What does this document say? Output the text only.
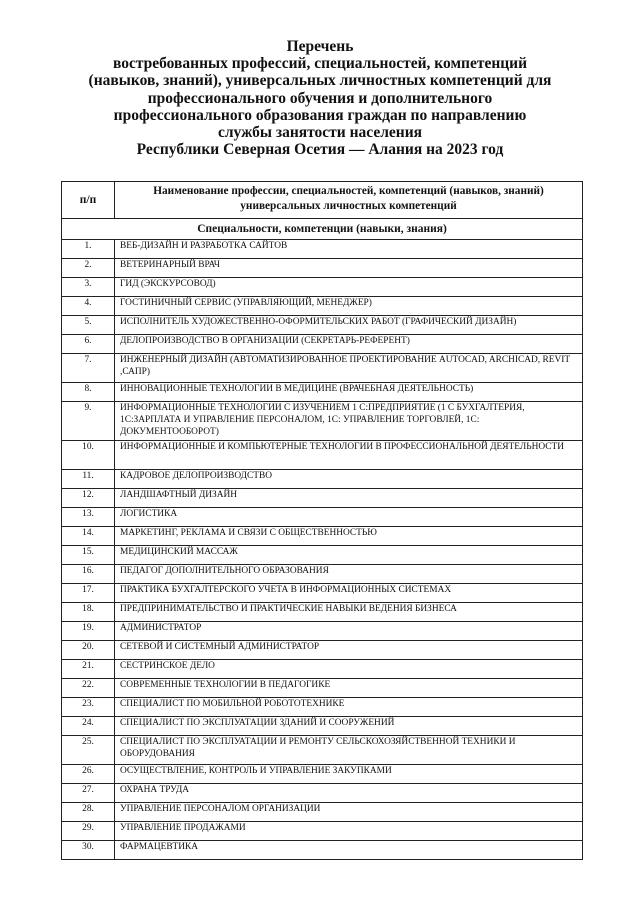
Перечень
востребованных профессий, специальностей, компетенций
(навыков, знаний), универсальных личностных компетенций для
профессионального обучения и дополнительного
профессионального образования граждан по направлению
службы занятости населения
Республики Северная Осетия — Алания на 2023 год
п/п	Наименование профессии, специальностей, компетенций (навыков, знаний) универсальных личностных компетенций
Специальности, компетенции (навыки, знания)	
1.	ВЕБ-ДИЗАЙН И РАЗРАБОТКА САЙТОВ
2.	ВЕТЕРИНАРНЫЙ ВРАЧ
3.	ГИД (ЭКСКУРСОВОД)
4.	ГОСТИНИЧНЫЙ СЕРВИС (УПРАВЛЯЮЩИЙ, МЕНЕДЖЕР)
5.	ИСПОЛНИТЕЛЬ ХУДОЖЕСТВЕННО-ОФОРМИТЕЛЬСКИХ РАБОТ (ГРАФИЧЕСКИЙ ДИЗАЙН)
6.	ДЕЛОПРОИЗВОДСТВО В ОРГАНИЗАЦИИ (СЕКРЕТАРЬ-РЕФЕРЕНТ)
7.	ИНЖЕНЕРНЫЙ ДИЗАЙН (АВТОМАТИЗИРОВАННОЕ ПРОЕКТИРОВАНИЕ AUTOCAD, ARCHICAD, REVIT ,САПР)
8.	ИННОВАЦИОННЫЕ ТЕХНОЛОГИИ В МЕДИЦИНЕ (ВРАЧЕБНАЯ ДЕЯТЕЛЬНОСТЬ)
9.	ИНФОРМАЦИОННЫЕ ТЕХНОЛОГИИ С ИЗУЧЕНИЕМ 1 С:ПРЕДПРИЯТИЕ (1 С БУХГАЛТЕРИЯ, 1С:ЗАРПЛАТА И УПРАВЛЕНИЕ ПЕРСОНАЛОМ, 1С: УПРАВЛЕНИЕ ТОРГОВЛЕЙ, 1С: ДОКУМЕНТООБОРОТ)
10.	ИНФОРМАЦИОННЫЕ И КОМПЬЮТЕРНЫЕ ТЕХНОЛОГИИ В ПРОФЕССИОНАЛЬНОЙ ДЕЯТЕЛЬНОСТИ
11.	КАДРОВОЕ ДЕЛОПРОИЗВОДСТВО
12.	ЛАНДШАФТНЫЙ ДИЗАЙН
13.	ЛОГИСТИКА
14.	МАРКЕТИНГ, РЕКЛАМА И СВЯЗИ С ОБЩЕСТВЕННОСТЬЮ
15.	МЕДИЦИНСКИЙ МАССАЖ
16.	ПЕДАГОГ ДОПОЛНИТЕЛЬНОГО ОБРАЗОВАНИЯ
17.	ПРАКТИКА БУХГАЛТЕРСКОГО УЧЕТА В ИНФОРМАЦИОННЫХ СИСТЕМАХ
18.	ПРЕДПРИНИМАТЕЛЬСТВО И ПРАКТИЧЕСКИЕ НАВЫКИ ВЕДЕНИЯ БИЗНЕСА
19.	АДМИНИСТРАТОР
20.	СЕТЕВОЙ И СИСТЕМНЫЙ АДМИНИСТРАТОР
21.	СЕСТРИНСКОЕ ДЕЛО
22.	СОВРЕМЕННЫЕ ТЕХНОЛОГИИ В ПЕДАГОГИКЕ
23.	СПЕЦИАЛИСТ ПО МОБИЛЬНОЙ РОБОТОТЕХНИКЕ
24.	СПЕЦИАЛИСТ ПО ЭКСПЛУАТАЦИИ ЗДАНИЙ И СООРУЖЕНИЙ
25.	СПЕЦИАЛИСТ ПО ЭКСПЛУАТАЦИИ И РЕМОНТУ СЕЛЬСКОХОЗЯЙСТВЕННОЙ ТЕХНИКИ И ОБОРУДОВАНИЯ
26.	ОСУЩЕСТВЛЕНИЕ, КОНТРОЛЬ И УПРАВЛЕНИЕ ЗАКУПКАМИ
27.	ОХРАНА ТРУДА
28.	УПРАВЛЕНИЕ ПЕРСОНАЛОМ ОРГАНИЗАЦИИ
29.	УПРАВЛЕНИЕ ПРОДАЖАМИ
30.	ФАРМАЦЕВТИКА
